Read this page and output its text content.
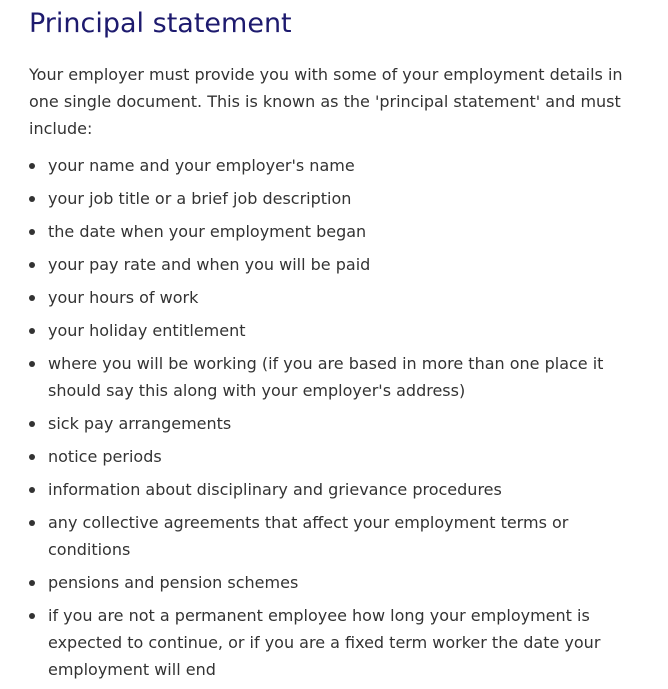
Principal statement

Your employer must provide you with some of your employment details in one single document. This is known as the 'principal statement' and must include:

your name and your employer's name
your job title or a brief job description
the date when your employment began
your pay rate and when you will be paid
your hours of work
your holiday entitlement
where you will be working (if you are based in more than one place it should say this along with your employer's address)
sick pay arrangements
notice periods
information about disciplinary and grievance procedures
any collective agreements that affect your employment terms or conditions
pensions and pension schemes
if you are not a permanent employee how long your employment is expected to continue, or if you are a fixed term worker the date your employment will end
